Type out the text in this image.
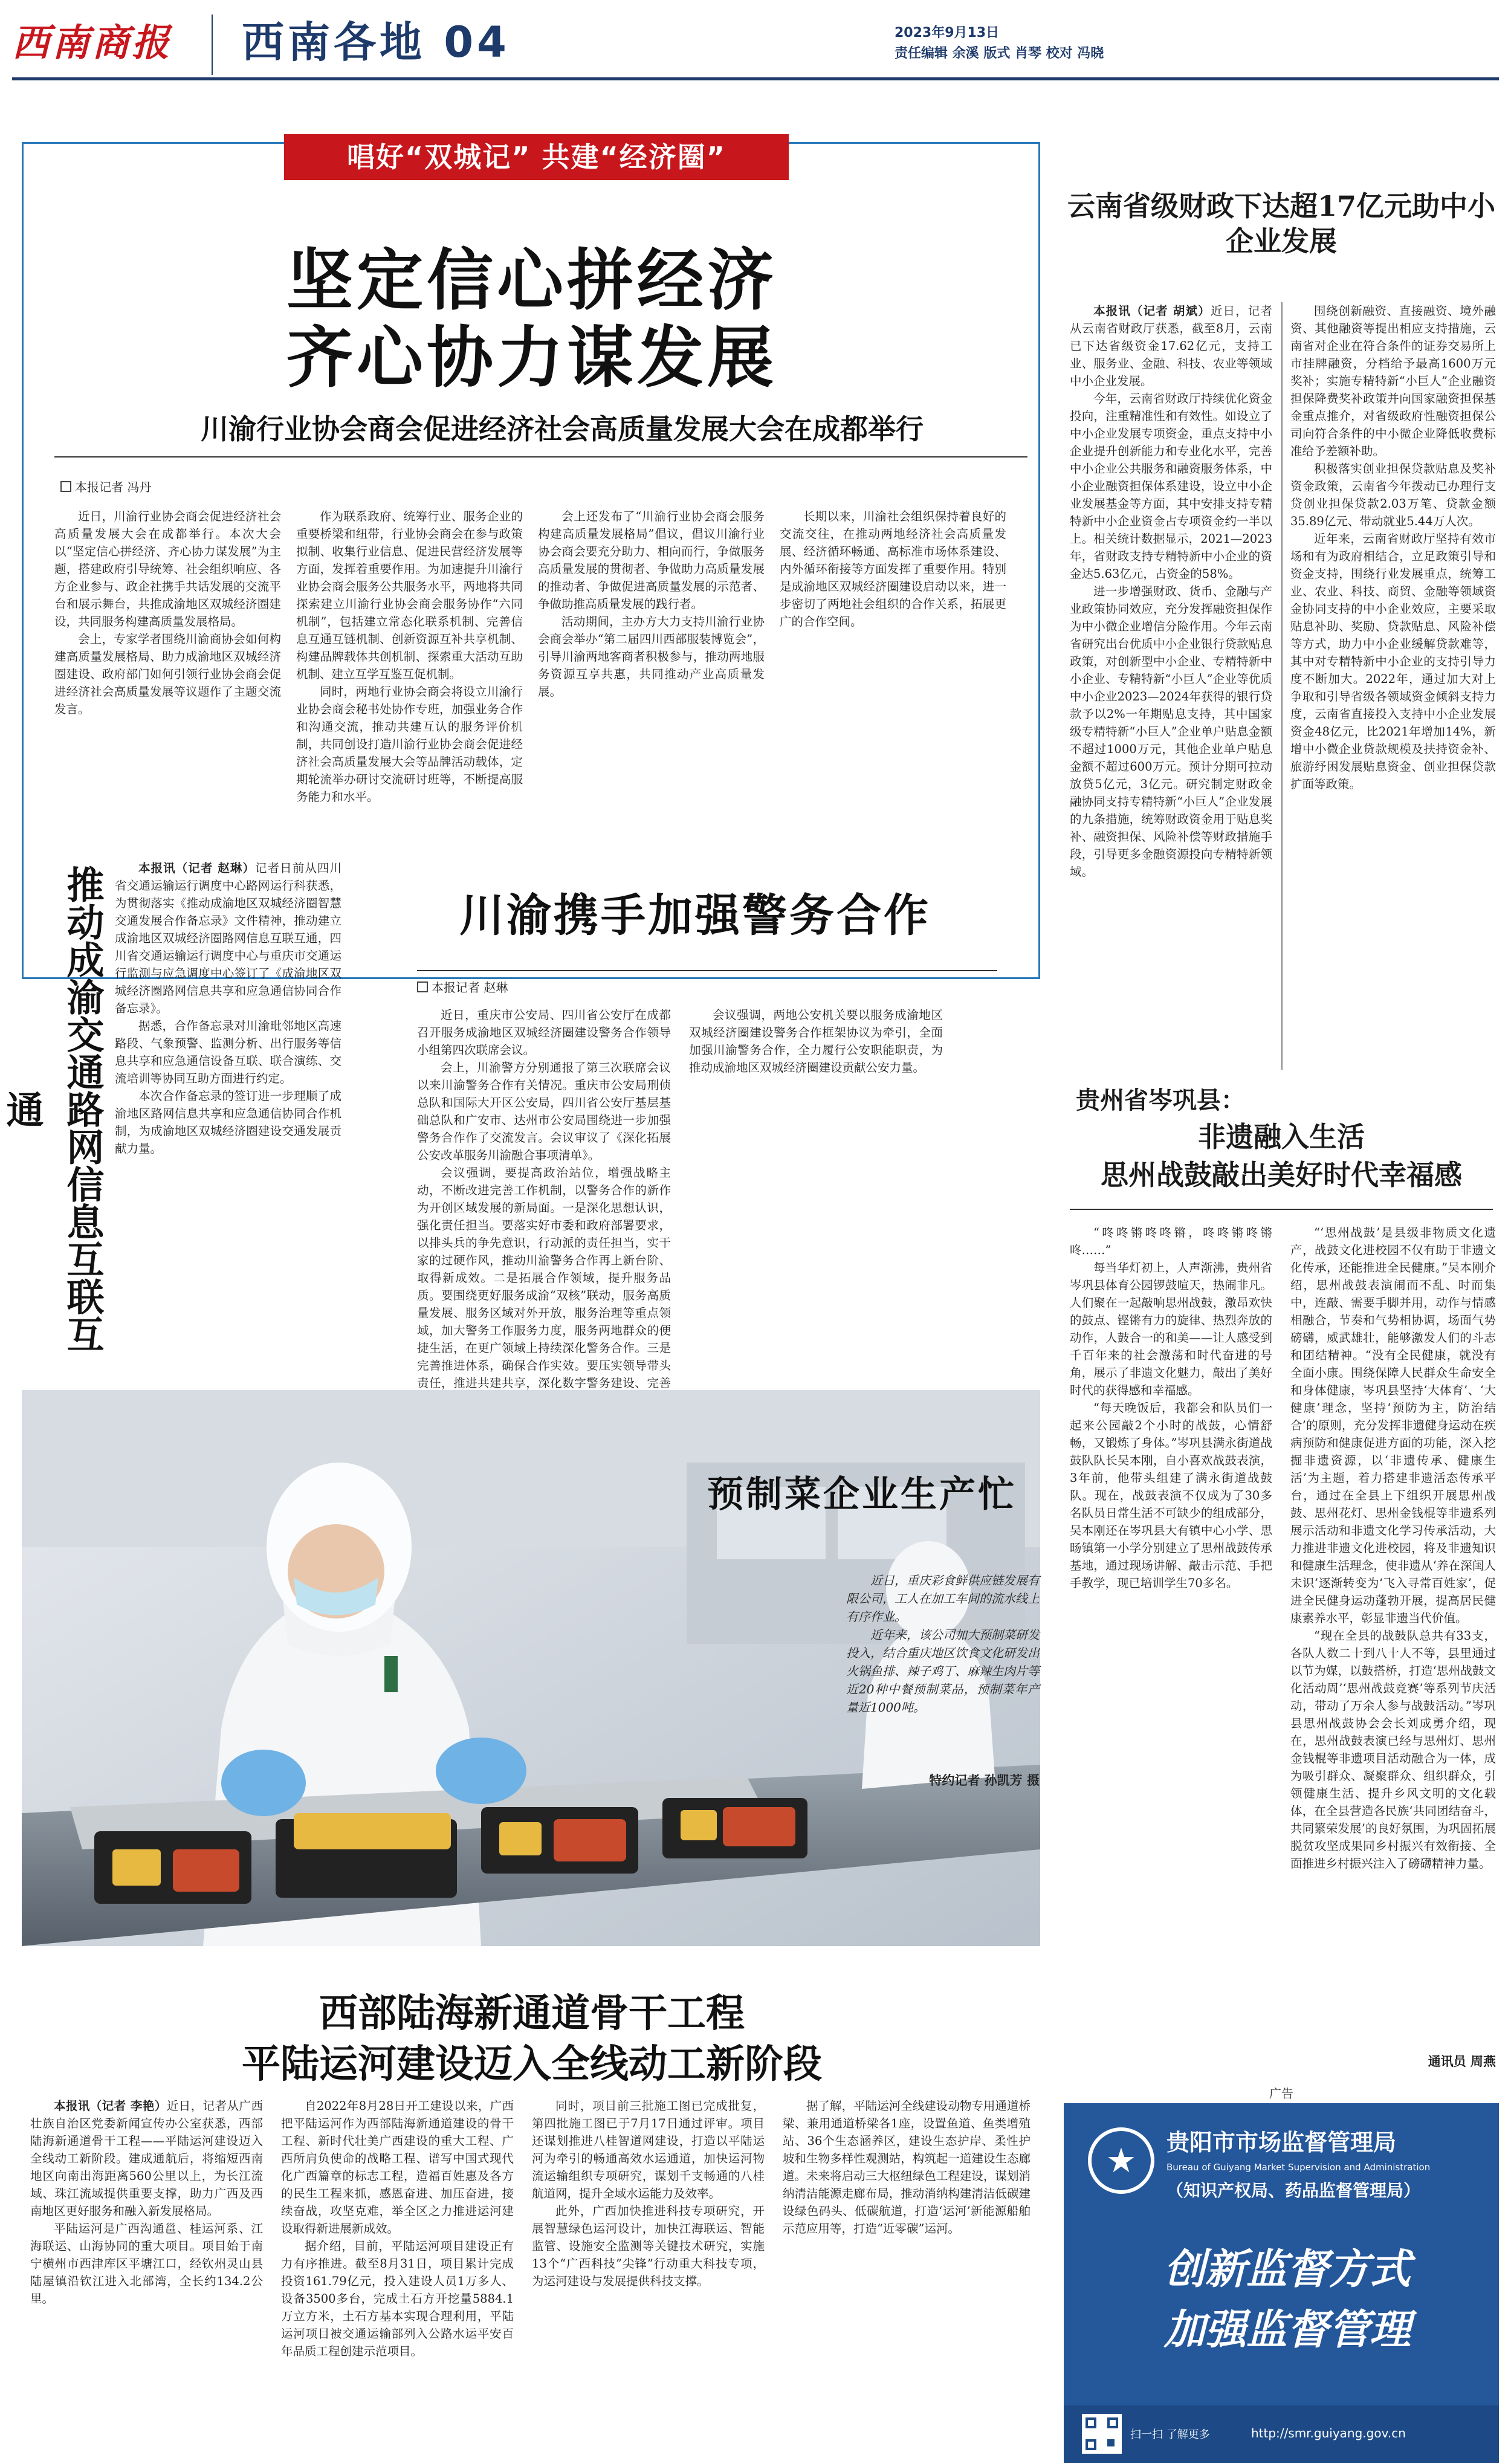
西南商报	西南各地 04	2023年9月13日
责任编辑 余溪 版式 肖琴 校对 冯晓
唱好“双城记” 共建“经济圈”
坚定信心拼经济
齐心协力谋发展
川渝行业协会商会促进经济社会高质量发展大会在成都举行
本报记者 冯丹

近日，川渝行业协会商会促进经济社会高质量发展大会在成都举行。本次大会以“坚定信心拼经济、齐心协力谋发展”为主题，搭建政府引导统筹、社会组织响应、各方企业参与、政企社携手共话发展的交流平台和展示舞台，共推成渝地区双城经济圈建设，共同服务构建高质量发展格局。

会上，专家学者围绕川渝商协会如何构建高质量发展格局、助力成渝地区双城经济圈建设、政府部门如何引领行业协会商会促进经济社会高质量发展等议题作了主题交流发言。

作为联系政府、统筹行业、服务企业的重要桥梁和纽带，行业协会商会在参与政策拟制、收集行业信息、促进民营经济发展等方面，发挥着重要作用。为加速提升川渝行业协会商会服务公共服务水平，两地将共同探索建立川渝行业协会商会服务协作“六同机制”，包括建立常态化联系机制、完善信息互通互链机制、创新资源互补共享机制、构建品牌载体共创机制、探索重大活动互助机制、建立互学互鉴互促机制。

同时，两地行业协会商会将设立川渝行业协会商会秘书处协作专班，加强业务合作和沟通交流，推动共建互认的服务评价机制，共同创设打造川渝行业协会商会促进经济社会高质量发展大会等品牌活动载体，定期轮流举办研讨交流研讨班等，不断提高服务能力和水平。

会上还发布了“川渝行业协会商会服务构建高质量发展格局”倡议，倡议川渝行业协会商会要充分助力、相向而行，争做服务高质量发展的贯彻者、争做助力高质量发展的推动者、争做促进高质量发展的示范者、争做助推高质量发展的践行者。

活动期间，主办方大力支持川渝行业协会商会举办“第二届四川西部服装博览会”，引导川渝两地客商者积极参与，推动两地服务资源互享共惠，共同推动产业高质量发展。

长期以来，川渝社会组织保持着良好的交流交往，在推动两地经济社会高质量发展、经济循环畅通、高标准市场体系建设、内外循环衔接等方面发挥了重要作用。特别是成渝地区双城经济圈建设启动以来，进一步密切了两地社会组织的合作关系，拓展更广的合作空间。

推动成渝交通路网信息互联互通

本报讯（记者 赵琳）记者日前从四川省交通运输运行调度中心路网运行科获悉，为贯彻落实《推动成渝地区双城经济圈智慧交通发展合作备忘录》文件精神，推动建立成渝地区双城经济圈路网信息互联互通，四川省交通运输运行调度中心与重庆市交通运行监测与应急调度中心签订了《成渝地区双城经济圈路网信息共享和应急通信协同合作备忘录》。

据悉，合作备忘录对川渝毗邻地区高速路段、气象预警、监测分析、出行服务等信息共享和应急通信设备互联、联合演练、交流培训等协同互助方面进行约定。

本次合作备忘录的签订进一步理顺了成渝地区路网信息共享和应急通信协同合作机制，为成渝地区双城经济圈建设交通发展贡献力量。

川渝携手加强警务合作
本报记者 赵琳

近日，重庆市公安局、四川省公安厅在成都召开服务成渝地区双城经济圈建设警务合作领导小组第四次联席会议。

会上，川渝警方分别通报了第三次联席会议以来川渝警务合作有关情况。重庆市公安局刑侦总队和国际大开区公安局，四川省公安厅基层基础总队和广安市、达州市公安局围绕进一步加强警务合作作了交流发言。会议审议了《深化拓展公安改革服务川渝融合事项清单》。

会议强调，要提高政治站位，增强战略主动，不断改进完善工作机制，以警务合作的新作为开创区域发展的新局面。一是深化思想认识，强化责任担当。要落实好市委和政府部署要求，以排头兵的争先意识，行动派的责任担当，实干家的过硬作风，推动川渝警务合作再上新台阶、取得新成效。二是拓展合作领域，提升服务品质。要围绕更好服务成渝“双核”联动，服务高质量发展、服务区域对外开放，服务治理等重点领域，加大警务工作服务力度，服务两地群众的便捷生活，在更广领域上持续深化警务合作。三是完善推进体系，确保合作实效。要压实领导带头责任，推进共建共享，深化数字警务建设、完善

会议强调，两地公安机关要以服务成渝地区双城经济圈建设警务合作框架协议为牵引，全面加强川渝警务合作，全力履行公安职能职责，为推动成渝地区双城经济圈建设贡献公安力量。

云南省级财政下达超17亿元助中小企业发展

本报讯（记者 胡斌）近日，记者从云南省财政厅获悉，截至8月，云南已下达省级资金17.62亿元，支持工业、服务业、金融、科技、农业等领域中小企业发展。

今年，云南省财政厅持续优化资金投向，注重精准性和有效性。如设立了中小企业发展专项资金，重点支持中小企业提升创新能力和专业化水平，完善中小企业公共服务和融资服务体系，中小企业融资担保体系建设，设立中小企业发展基金等方面，其中安排支持专精特新中小企业资金占专项资金约一半以上。相关统计数据显示，2021—2023年，省财政支持专精特新中小企业的资金达5.63亿元，占资金的58%。

进一步增强财政、货币、金融与产业政策协同效应，充分发挥融资担保作为中小微企业增信分险作用。今年云南省研究出台优质中小企业银行贷款贴息政策，对创新型中小企业、专精特新中小企业、专精特新“小巨人”企业等优质中小企业2023—2024年获得的银行贷款予以2%一年期贴息支持，其中国家级专精特新“小巨人”企业单户贴息金额不超过1000万元，其他企业单户贴息金额不超过600万元。预计分期可拉动放贷5亿元，3亿元。研究制定财政金融协同支持专精特新“小巨人”企业发展的九条措施，统筹财政资金用于贴息奖补、融资担保、风险补偿等财政措施手段，引导更多金融资源投向专精特新领域。

围绕创新融资、直接融资、境外融资、其他融资等提出相应支持措施，云南省对企业在符合条件的证券交易所上市挂牌融资，分档给予最高1600万元奖补；实施专精特新“小巨人”企业融资担保降费奖补政策并向国家融资担保基金重点推介，对省级政府性融资担保公司向符合条件的中小微企业降低收费标准给予差额补助。

积极落实创业担保贷款贴息及奖补资金政策，云南省今年拨动已办理行支贷创业担保贷款2.03万笔、贷款金额35.89亿元、带动就业5.44万人次。

近年来，云南省财政厅坚持有效市场和有为政府相结合，立足政策引导和资金支持，围绕行业发展重点，统筹工业、农业、科技、商贸、金融等领域资金协同支持的中小企业效应，主要采取贴息补助、奖励、贷款贴息、风险补偿等方式，助力中小企业缓解贷款难等，其中对专精特新中小企业的支持引导力度不断加大。2022年，通过加大对上争取和引导省级各领域资金倾斜支持力度，云南省直接投入支持中小企业发展资金48亿元，比2021年增加14%，新增中小微企业贷款规模及扶持资金补、旅游纾困发展贴息资金、创业担保贷款扩面等政策。

贵州省岑巩县：
非遗融入生活
思州战鼓敲出美好时代幸福感

“咚咚锵咚咚锵，咚咚锵咚锵咚……”

每当华灯初上，人声渐沸，贵州省岑巩县体育公园锣鼓喧天，热闹非凡。人们聚在一起敲响思州战鼓，激昂欢快的鼓点、铿锵有力的旋律、热烈奔放的动作，人鼓合一的和美——让人感受到千百年来的社会激荡和时代奋进的号角，展示了非遗文化魅力，敲出了美好时代的获得感和幸福感。

“每天晚饭后，我都会和队员们一起来公园敲2个小时的战鼓，心情舒畅，又锻炼了身体。”岑巩县满永街道战鼓队队长吴本刚，自小喜欢战鼓表演，3年前，他带头组建了满永街道战鼓队。现在，战鼓表演不仅成为了30多名队员日常生活不可缺少的组成部分，吴本刚还在岑巩县大有镇中心小学、思旸镇第一小学分别建立了思州战鼓传承基地，通过现场讲解、敲击示范、手把手教学，现已培训学生70多名。

“‘思州战鼓’是县级非物质文化遗产，战鼓文化进校园不仅有助于非遗文化传承，还能推进全民健康。”吴本刚介绍，思州战鼓表演闹而不乱、时而集中，连敲、需要手脚并用，动作与情感相融合，节奏和气势相协调，场面气势磅礴，威武雄壮，能够激发人们的斗志和团结精神。“没有全民健康，就没有全面小康。围绕保障人民群众生命安全和身体健康，岑巩县坚持‘大体育’、‘大健康’理念，坚持‘预防为主，防治结合’的原则，充分发挥非遗健身运动在疾病预防和健康促进方面的功能，深入挖掘非遗资源，以‘非遗传承、健康生活’为主题，着力搭建非遗活态传承平台，通过在全县上下组织开展思州战鼓、思州花灯、思州金钱棍等非遗系列展示活动和非遗文化学习传承活动，大力推进非遗文化进校园，将及非遗知识和健康生活理念，使非遗从‘养在深闺人未识’逐渐转变为‘飞入寻常百姓家’，促进全民健身运动蓬勃开展，提高居民健康素养水平，彰显非遗当代价值。

“现在全县的战鼓队总共有33支，各队人数二十到八十人不等，县里通过以节为媒，以鼓搭桥，打造‘思州战鼓文化活动周’‘思州战鼓竞赛’等系列节庆活动，带动了万余人参与战鼓活动。”岑巩县思州战鼓协会会长刘成勇介绍，现在，思州战鼓表演已经与思州灯、思州金钱棍等非遗项目活动融合为一体，成为吸引群众、凝聚群众、组织群众，引领健康生活、提升乡风文明的文化载体，在全县营造各民族‘共同团结奋斗，共同繁荣发展’的良好氛围，为巩固拓展脱贫攻坚成果同乡村振兴有效衔接、全面推进乡村振兴注入了磅礴精神力量。

通讯员 周燕
广告
★	贵阳市市场监督管理局
Bureau of Guiyang Market Supervision and Administration
（知识产权局、药品监督管理局）
创新监督方式
加强监督管理
扫一扫 了解更多	http://smr.guiyang.gov.cn
预制菜企业生产忙

近日，重庆彩食鲜供应链发展有限公司，工人在加工车间的流水线上有序作业。

近年来，该公司加大预制菜研发投入，结合重庆地区饮食文化研发出火锅鱼排、辣子鸡丁、麻辣生肉片等近20种中餐预制菜品，预制菜年产量近1000吨。

特约记者 孙凯芳 摄
西部陆海新通道骨干工程
平陆运河建设迈入全线动工新阶段

本报讯（记者 李艳）近日，记者从广西壮族自治区党委新闻宣传办公室获悉，西部陆海新通道骨干工程——平陆运河建设迈入全线动工新阶段。建成通航后，将缩短西南地区向南出海距离560公里以上，为长江流域、珠江流域提供重要支撑，助力广西及西南地区更好服务和融入新发展格局。

平陆运河是广西沟通邕、桂运河系、江海联运、山海协同的重大项目。项目始于南宁横州市西津库区平塘江口，经钦州灵山县陆屋镇沿钦江进入北部湾，全长约134.2公里。

自2022年8月28日开工建设以来，广西把平陆运河作为西部陆海新通道建设的骨干工程、新时代壮美广西建设的重大工程、广西所肩负使命的战略工程、谱写中国式现代化广西篇章的标志工程，造福百姓惠及各方的民生工程来抓，感恩奋进、加压奋进，接续奋战，攻坚克难，举全区之力推进运河建设取得新进展新成效。

据介绍，目前，平陆运河项目建设正有力有序推进。截至8月31日，项目累计完成投资161.79亿元，投入建设人员1万多人、设备3500多台，完成土石方开挖量5884.1万立方米，土石方基本实现合理利用，平陆运河项目被交通运输部列入公路水运平安百年品质工程创建示范项目。

同时，项目前三批施工图已完成批复，第四批施工图已于7月17日通过评审。项目还谋划推进八桂智道网建设，打造以平陆运河为牵引的畅通高效水运通道，加快运河物流运输组织专项研究，谋划千支畅通的八桂航道网，提升全域水运能力及效率。

此外，广西加快推进科技专项研究，开展智慧绿色运河设计，加快江海联运、智能监管、设施安全监测等关键技术研究，实施13个“广西科技”尖锋”行动重大科技专项，为运河建设与发展提供科技支撑。

据了解，平陆运河全线建设动物专用通道桥梁、兼用通道桥梁各1座，设置鱼道、鱼类增殖站、36个生态涵养区，建设生态护岸、柔性护坡和生物多样性观测站，构筑起一道建设生态廊道。未来将启动三大枢纽绿色工程建设，谋划消纳清洁能源走廊布局，推动消纳构建清洁低碳建设绿色码头、低碳航道，打造‘运河’新能源船舶示范应用等，打造“近零碳”运河。
